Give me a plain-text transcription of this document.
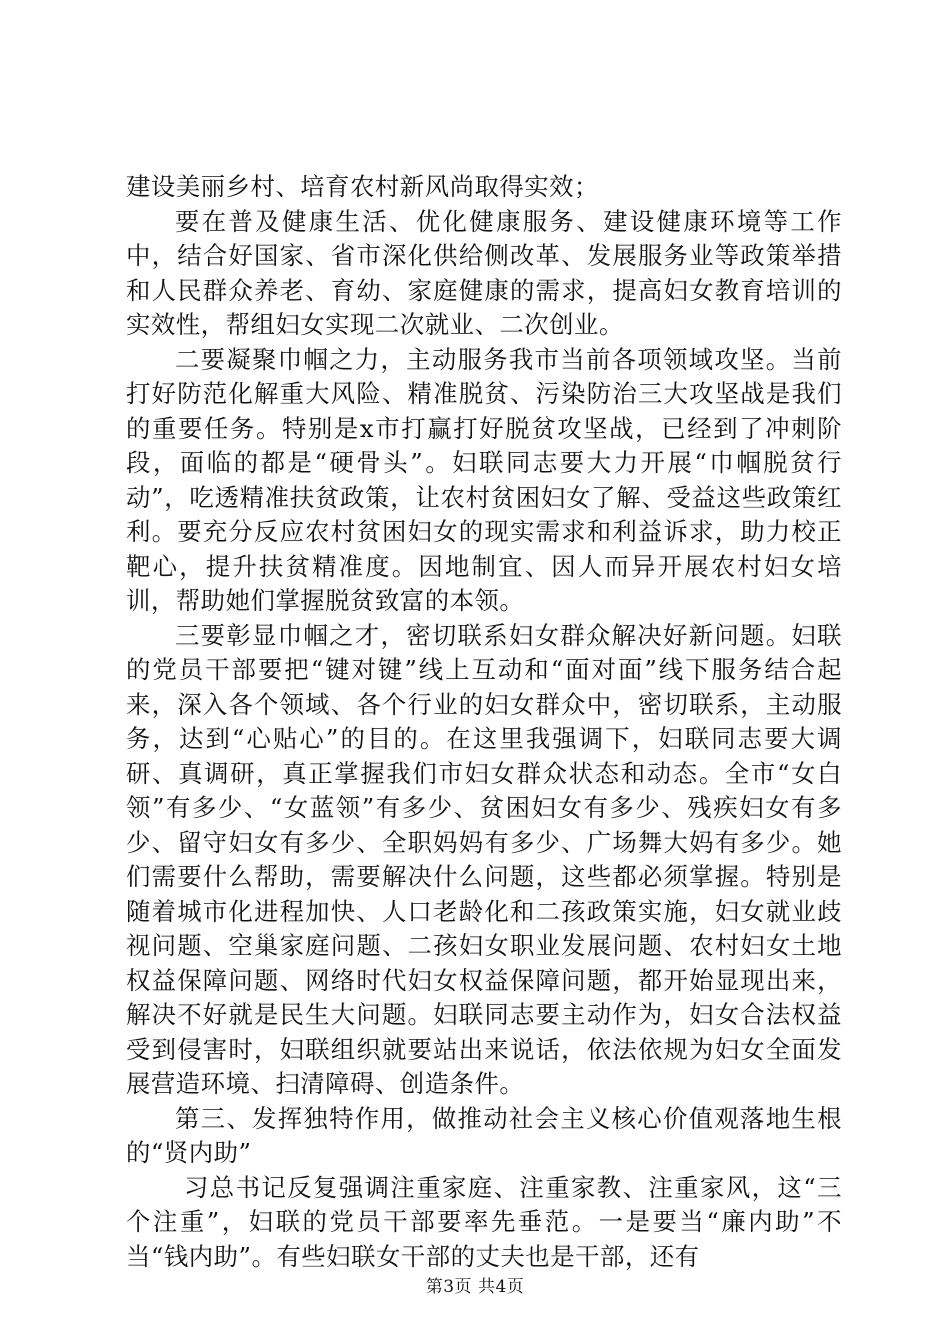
建设美丽乡村、培育农村新风尚取得实效；

要在普及健康生活、优化健康服务、建设健康环境等工作中，结合好国家、省市深化供给侧改革、发展服务业等政策举措和人民群众养老、育幼、家庭健康的需求，提高妇女教育培训的实效性，帮组妇女实现二次就业、二次创业。

二要凝聚巾帼之力，主动服务我市当前各项领域攻坚。当前打好防范化解重大风险、精准脱贫、污染防治三大攻坚战是我们的重要任务。特别是x市打赢打好脱贫攻坚战，已经到了冲刺阶段，面临的都是“硬骨头”。妇联同志要大力开展“巾帼脱贫行动”，吃透精准扶贫政策，让农村贫困妇女了解、受益这些政策红利。要充分反应农村贫困妇女的现实需求和利益诉求，助力校正靶心，提升扶贫精准度。因地制宜、因人而异开展农村妇女培训，帮助她们掌握脱贫致富的本领。

三要彰显巾帼之才，密切联系妇女群众解决好新问题。妇联的党员干部要把“键对键”线上互动和“面对面”线下服务结合起来，深入各个领域、各个行业的妇女群众中，密切联系，主动服务，达到“心贴心”的目的。在这里我强调下，妇联同志要大调研、真调研，真正掌握我们市妇女群众状态和动态。全市“女白领”有多少、“女蓝领”有多少、贫困妇女有多少、残疾妇女有多少、留守妇女有多少、全职妈妈有多少、广场舞大妈有多少。她们需要什么帮助，需要解决什么问题，这些都必须掌握。特别是随着城市化进程加快、人口老龄化和二孩政策实施，妇女就业歧视问题、空巢家庭问题、二孩妇女职业发展问题、农村妇女土地权益保障问题、网络时代妇女权益保障问题，都开始显现出来，解决不好就是民生大问题。妇联同志要主动作为，妇女合法权益受到侵害时，妇联组织就要站出来说话，依法依规为妇女全面发展营造环境、扫清障碍、创造条件。

第三、发挥独特作用，做推动社会主义核心价值观落地生根的“贤内助”

习总书记反复强调注重家庭、注重家教、注重家风，这“三个注重”，妇联的党员干部要率先垂范。一是要当“廉内助”不当“钱内助”。有些妇联女干部的丈夫也是干部，还有

第3页 共4页
